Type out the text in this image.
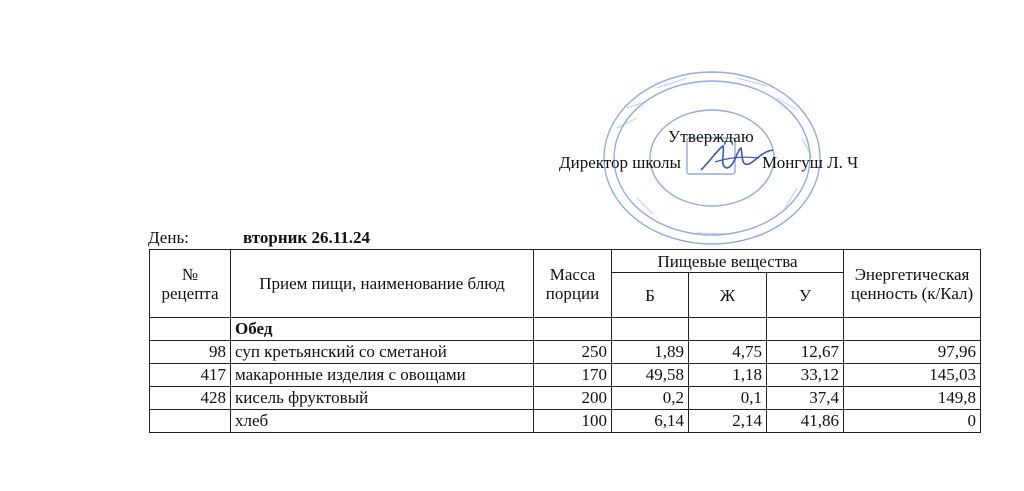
Утверждаю
Директор школы	Монгуш Л. Ч
День:	вторник 26.11.24
№ рецепта	Прием пищи, наименование блюд	Масса порции	Пищевые вещества			Энергетическая ценность (к/Кал)
			Б	Ж	У	
	Обед					
98	суп кретьянский со сметаной	250	1,89	4,75	12,67	97,96
417	макаронные изделия с овощами	170	49,58	1,18	33,12	145,03
428	кисель фруктовый	200	0,2	0,1	37,4	149,8
	хлеб	100	6,14	2,14	41,86	0
